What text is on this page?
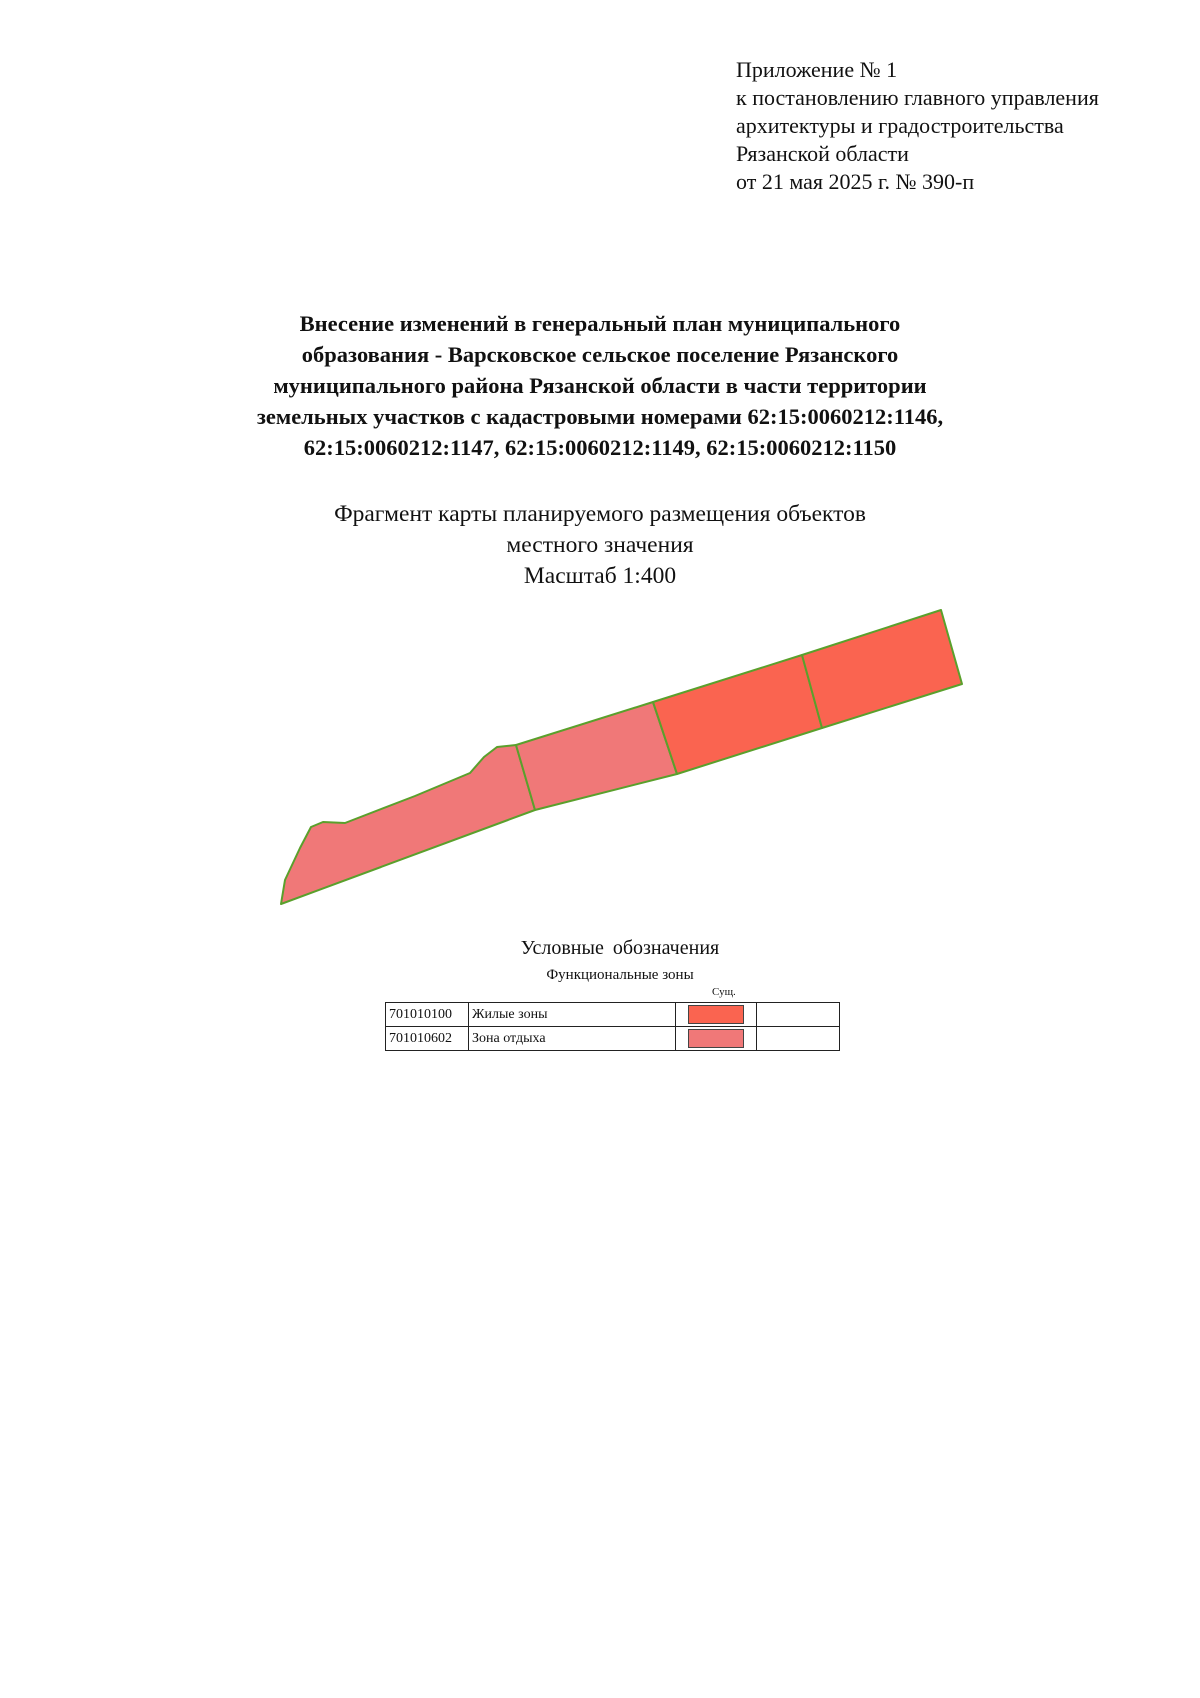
Приложение № 1
к постановлению главного управления
архитектуры и градостроительства
Рязанской области
от 21 мая 2025 г. № 390-п
Внесение изменений в генеральный план муниципального
образования - Варсковское сельское поселение Рязанского
муниципального района Рязанской области в части территории
земельных участков с кадастровыми номерами 62:15:0060212:1146,
62:15:0060212:1147, 62:15:0060212:1149, 62:15:0060212:1150
Фрагмент карты планируемого размещения объектов
местного значения
Масштаб 1:400
Условные обозначения
Функциональные зоны
Сущ.
701010100	Жилые зоны		
701010602	Зона отдыха		
